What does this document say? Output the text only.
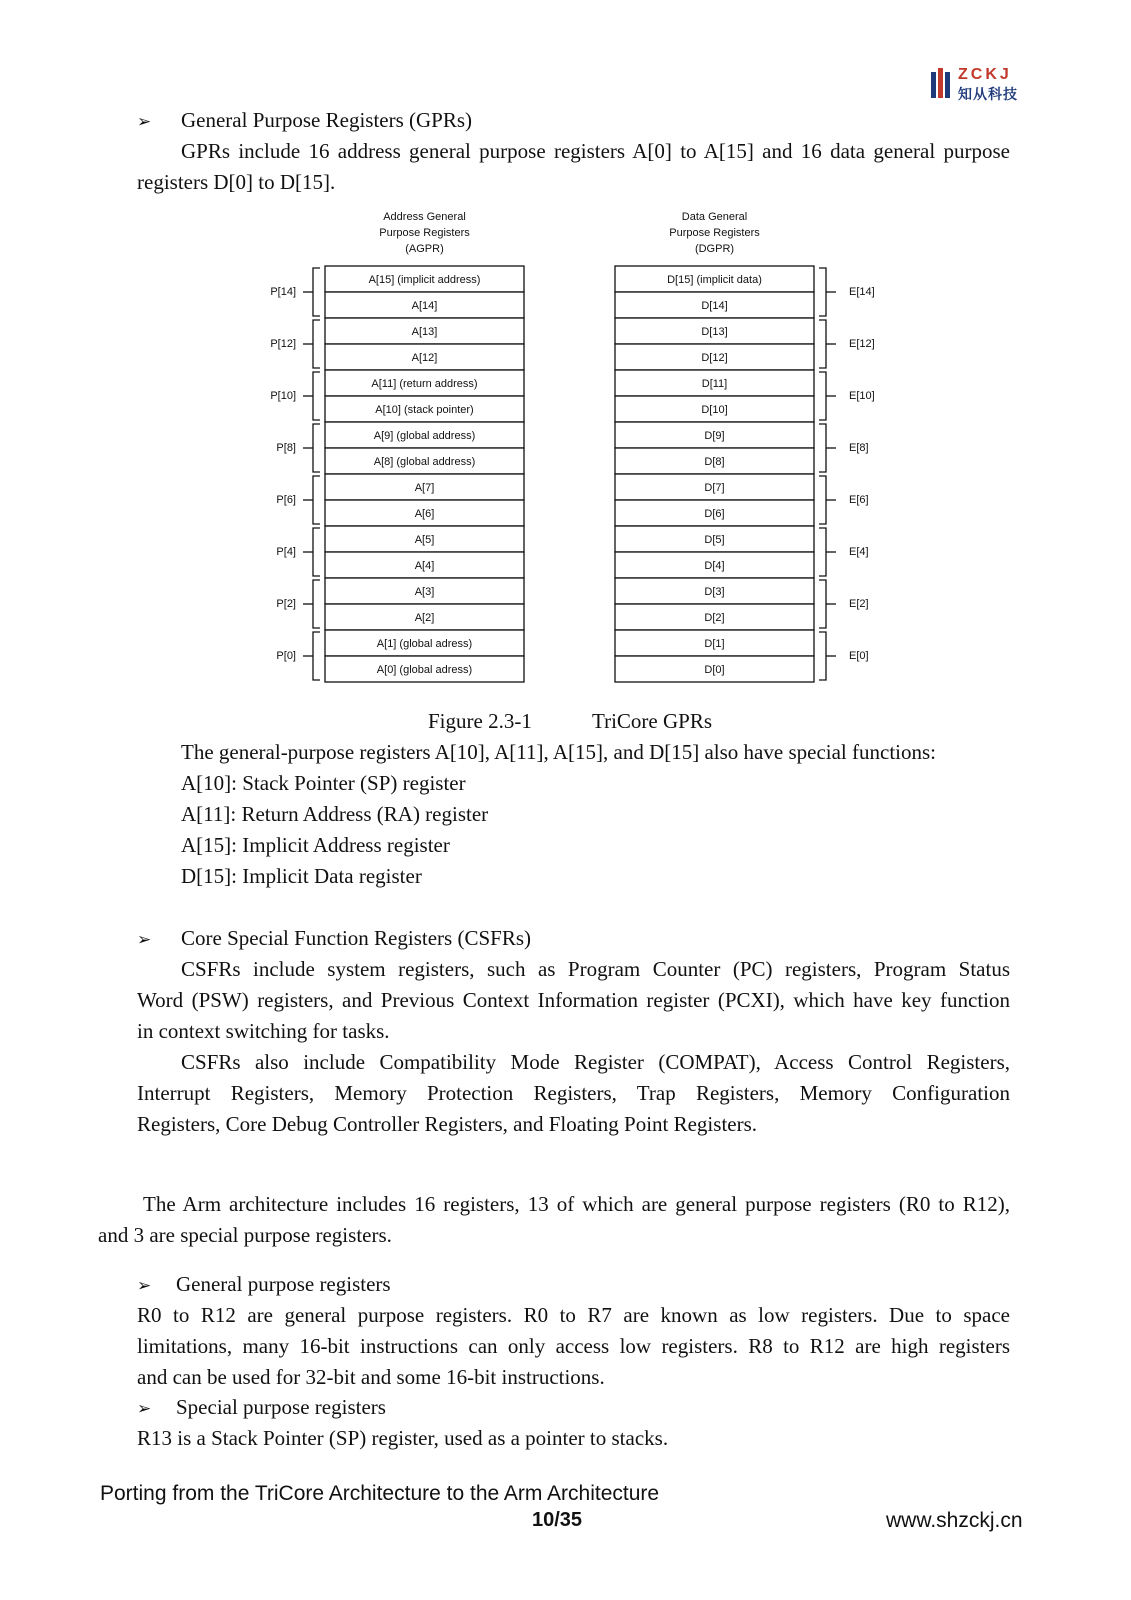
ZCKJ
知从科技
➢ General Purpose Registers (GPRs)
GPRs include 16 address general purpose registers A[0] to A[15] and 16 data general purpose
registers D[0] to D[15].
Address General
Purpose Registers
(AGPR)
Data General
Purpose Registers
(DGPR)
A[15] (implicit address)	D[15] (implicit data)
A[14]	D[14]
A[13]	D[13]
A[12]	D[12]
A[11] (return address)	D[11]
A[10] (stack pointer)	D[10]
A[9] (global address)	D[9]
A[8] (global address)	D[8]
A[7]	D[7]
A[6]	D[6]
A[5]	D[5]
A[4]	D[4]
A[3]	D[3]
A[2]	D[2]
A[1] (global adress)	D[1]
A[0] (global adress)	D[0]
P[14]	E[14]
P[12]	E[12]
P[10]	E[10]
P[8]	E[8]
P[6]	E[6]
P[4]	E[4]
P[2]	E[2]
P[0]	E[0]
Figure 2.3-1	TriCore GPRs
The general-purpose registers A[10], A[11], A[15], and D[15] also have special functions:
A[10]: Stack Pointer (SP) register
A[11]: Return Address (RA) register
A[15]: Implicit Address register
D[15]: Implicit Data register
➢ Core Special Function Registers (CSFRs)
CSFRs include system registers, such as Program Counter (PC) registers, Program Status
Word (PSW) registers, and Previous Context Information register (PCXI), which have key function
in context switching for tasks.
CSFRs also include Compatibility Mode Register (COMPAT), Access Control Registers,
Interrupt Registers, Memory Protection Registers, Trap Registers, Memory Configuration
Registers, Core Debug Controller Registers, and Floating Point Registers.
The Arm architecture includes 16 registers, 13 of which are general purpose registers (R0 to R12),
and 3 are special purpose registers.
➢ General purpose registers
R0 to R12 are general purpose registers. R0 to R7 are known as low registers. Due to space
limitations, many 16-bit instructions can only access low registers. R8 to R12 are high registers
and can be used for 32-bit and some 16-bit instructions.
➢ Special purpose registers
R13 is a Stack Pointer (SP) register, used as a pointer to stacks.
Porting from the TriCore Architecture to the Arm Architecture
10/35	www.shzckj.cn
